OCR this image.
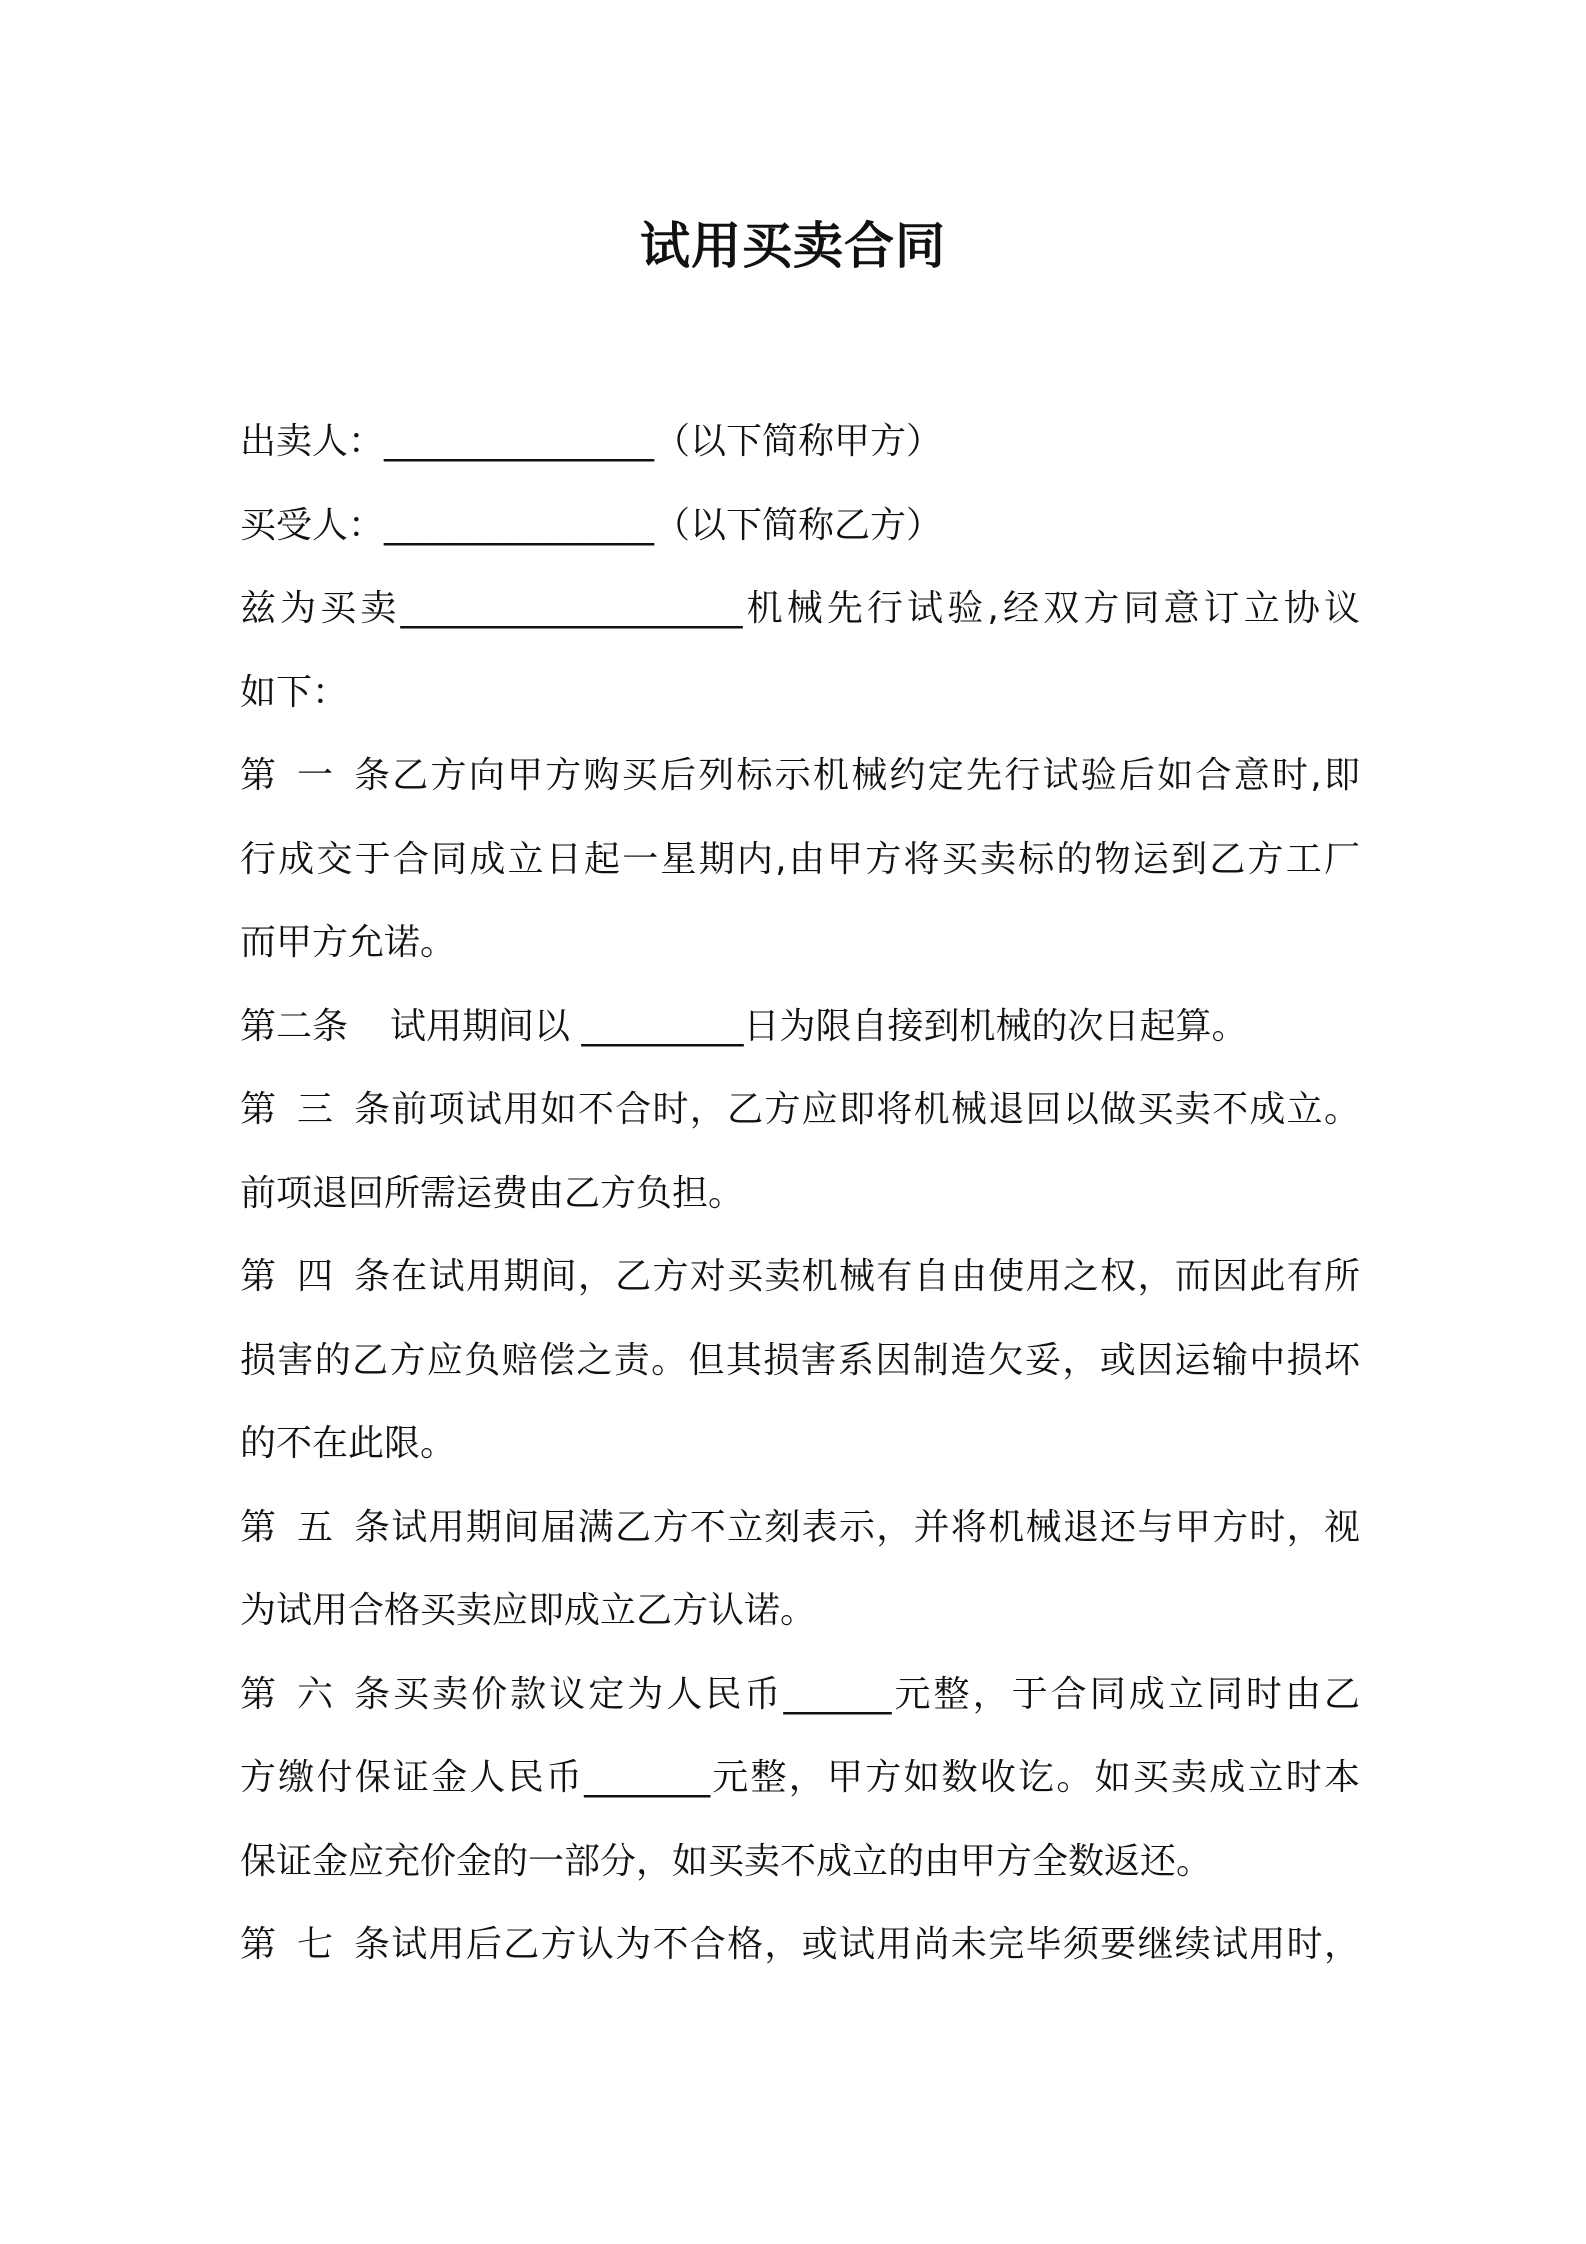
试用买卖合同
出卖人：_______________（以下简称甲方）
买受人：_______________（以下简称乙方）
兹为买卖___________________机械先行试验,经双方同意订立协议
如下：
第一条乙方向甲方购买后列标示机械约定先行试验后如合意时,即
行成交于合同成立日起一星期内,由甲方将买卖标的物运到乙方工厂
而甲方允诺。
第二条 试用期间以 _________日为限自接到机械的次日起算。
第三条前项试用如不合时，乙方应即将机械退回以做买卖不成立。
前项退回所需运费由乙方负担。
第四条在试用期间，乙方对买卖机械有自由使用之权，而因此有所
损害的乙方应负赔偿之责。但其损害系因制造欠妥，或因运输中损坏
的不在此限。
第五条试用期间届满乙方不立刻表示，并将机械退还与甲方时，视
为试用合格买卖应即成立乙方认诺。
第六条买卖价款议定为人民币______元整，于合同成立同时由乙
方缴付保证金人民币_______元整，甲方如数收讫。如买卖成立时本
保证金应充价金的一部分，如买卖不成立的由甲方全数返还。
第七条试用后乙方认为不合格，或试用尚未完毕须要继续试用时，
